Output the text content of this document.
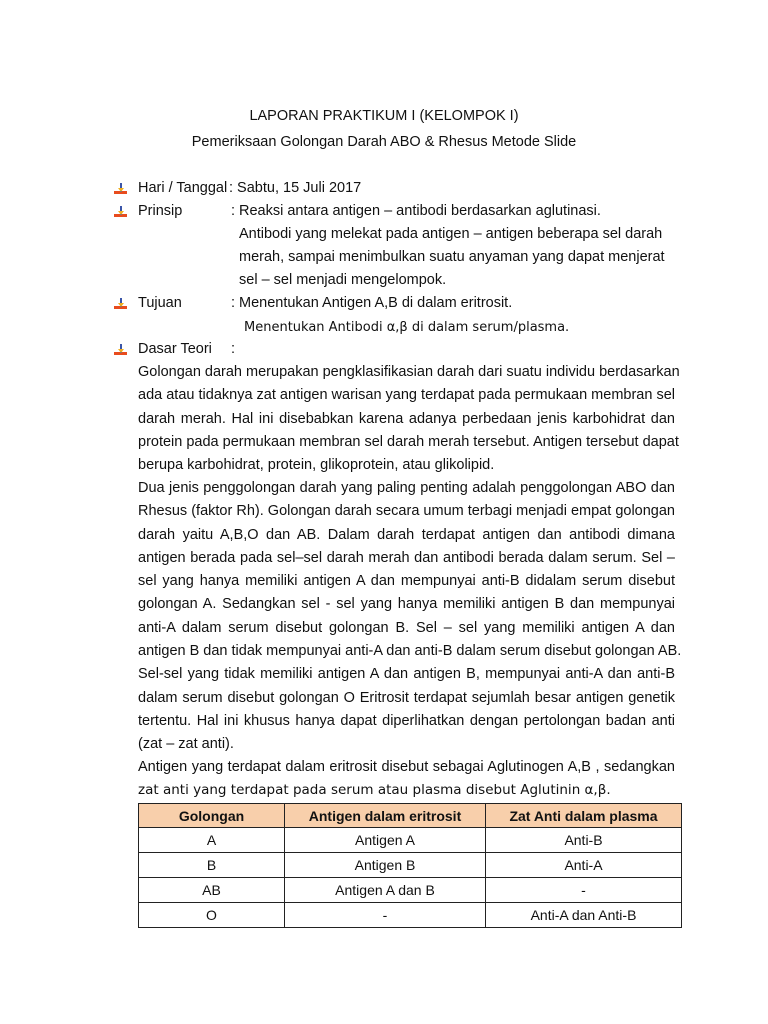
LAPORAN PRAKTIKUM I (KELOMPOK I)
Pemeriksaan Golongan Darah ABO & Rhesus Metode Slide
Hari / Tanggal : Sabtu, 15 Juli 2017
Prinsip	: Reaksi antara antigen – antibodi berdasarkan aglutinasi.
Antibodi yang melekat pada antigen – antigen beberapa sel darah
merah, sampai menimbulkan suatu anyaman yang dapat menjerat
sel – sel menjadi mengelompok.
Tujuan	: Menentukan Antigen A,B di dalam eritrosit.
Menentukan Antibodi α,β di dalam serum/plasma.
Dasar Teori :
Golongan darah merupakan pengklasifikasian darah dari suatu individu berdasarkan
ada atau tidaknya zat antigen warisan yang terdapat pada permukaan membran sel
darah merah. Hal ini disebabkan karena adanya perbedaan jenis karbohidrat dan
protein pada permukaan membran sel darah merah tersebut. Antigen tersebut dapat
berupa karbohidrat, protein, glikoprotein, atau glikolipid.
Dua jenis penggolongan darah yang paling penting adalah penggolongan ABO dan
Rhesus (faktor Rh). Golongan darah secara umum terbagi menjadi empat golongan
darah yaitu A,B,O dan AB. Dalam darah terdapat antigen dan antibodi dimana
antigen berada pada sel–sel darah merah dan antibodi berada dalam serum. Sel –
sel yang hanya memiliki antigen A dan mempunyai anti-B didalam serum disebut
golongan A. Sedangkan sel - sel yang hanya memiliki antigen B dan mempunyai
anti-A dalam serum disebut golongan B. Sel – sel yang memiliki antigen A dan
antigen B dan tidak mempunyai anti-A dan anti-B dalam serum disebut golongan AB.
Sel-sel yang tidak memiliki antigen A dan antigen B, mempunyai anti-A dan anti-B
dalam serum disebut golongan O Eritrosit terdapat sejumlah besar antigen genetik
tertentu. Hal ini khusus hanya dapat diperlihatkan dengan pertolongan badan anti
(zat – zat anti).
Antigen yang terdapat dalam eritrosit disebut sebagai Aglutinogen A,B , sedangkan
zat anti yang terdapat pada serum atau plasma disebut Aglutinin α,β.
Golongan	Antigen dalam eritrosit	Zat Anti dalam plasma
A	Antigen A	Anti-B
B	Antigen B	Anti-A
AB	Antigen A dan B	-
O	-	Anti-A dan Anti-B
